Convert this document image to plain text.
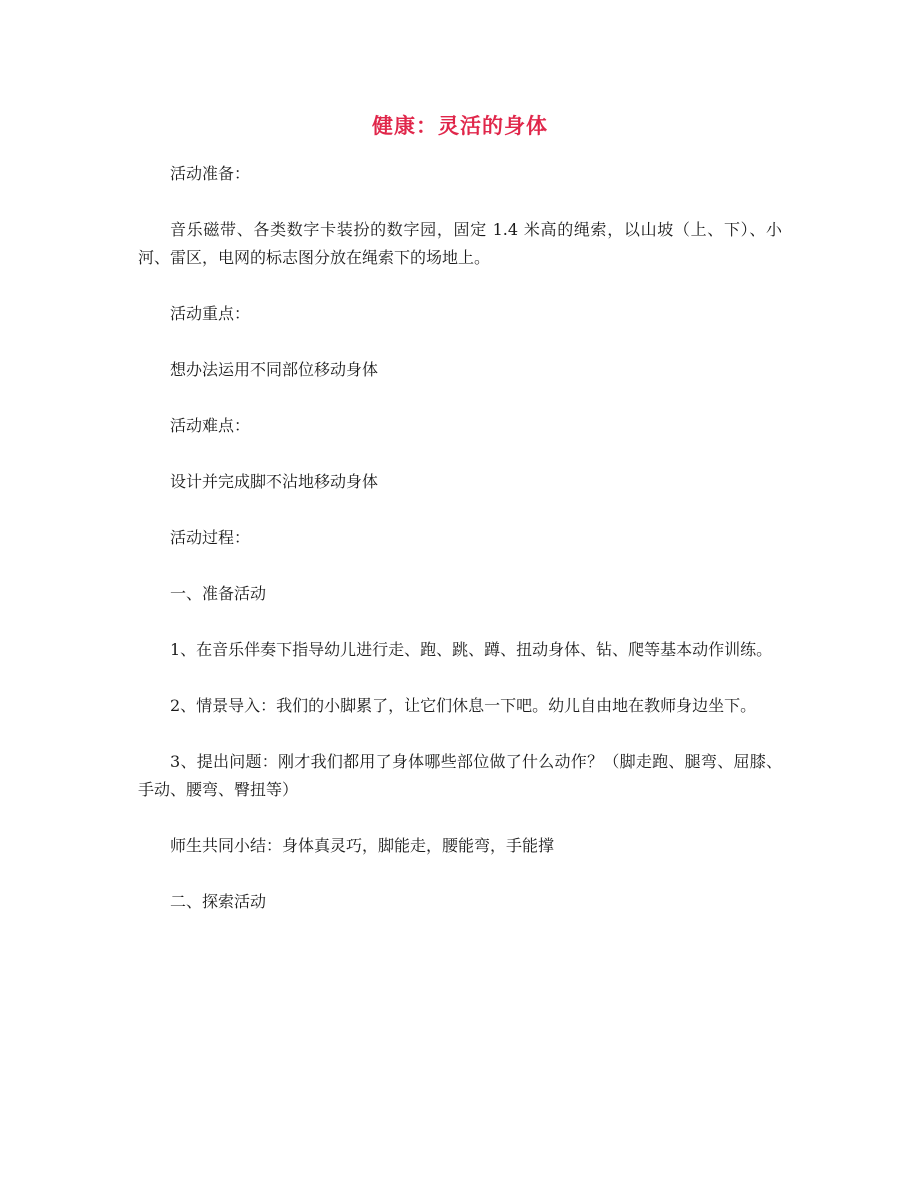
健康：灵活的身体

活动准备：

音乐磁带、各类数字卡装扮的数字园，固定 1.4 米高的绳索，以山坡（上、下）、小河、雷区，电网的标志图分放在绳索下的场地上。

活动重点：

想办法运用不同部位移动身体

活动难点：

设计并完成脚不沾地移动身体

活动过程：

一、准备活动

1、在音乐伴奏下指导幼儿进行走、跑、跳、蹲、扭动身体、钻、爬等基本动作训练。

2、情景导入：我们的小脚累了，让它们休息一下吧。幼儿自由地在教师身边坐下。

3、提出问题：刚才我们都用了身体哪些部位做了什么动作？（脚走跑、腿弯、屈膝、手动、腰弯、臀扭等）

师生共同小结：身体真灵巧，脚能走，腰能弯，手能撑

二、探索活动
